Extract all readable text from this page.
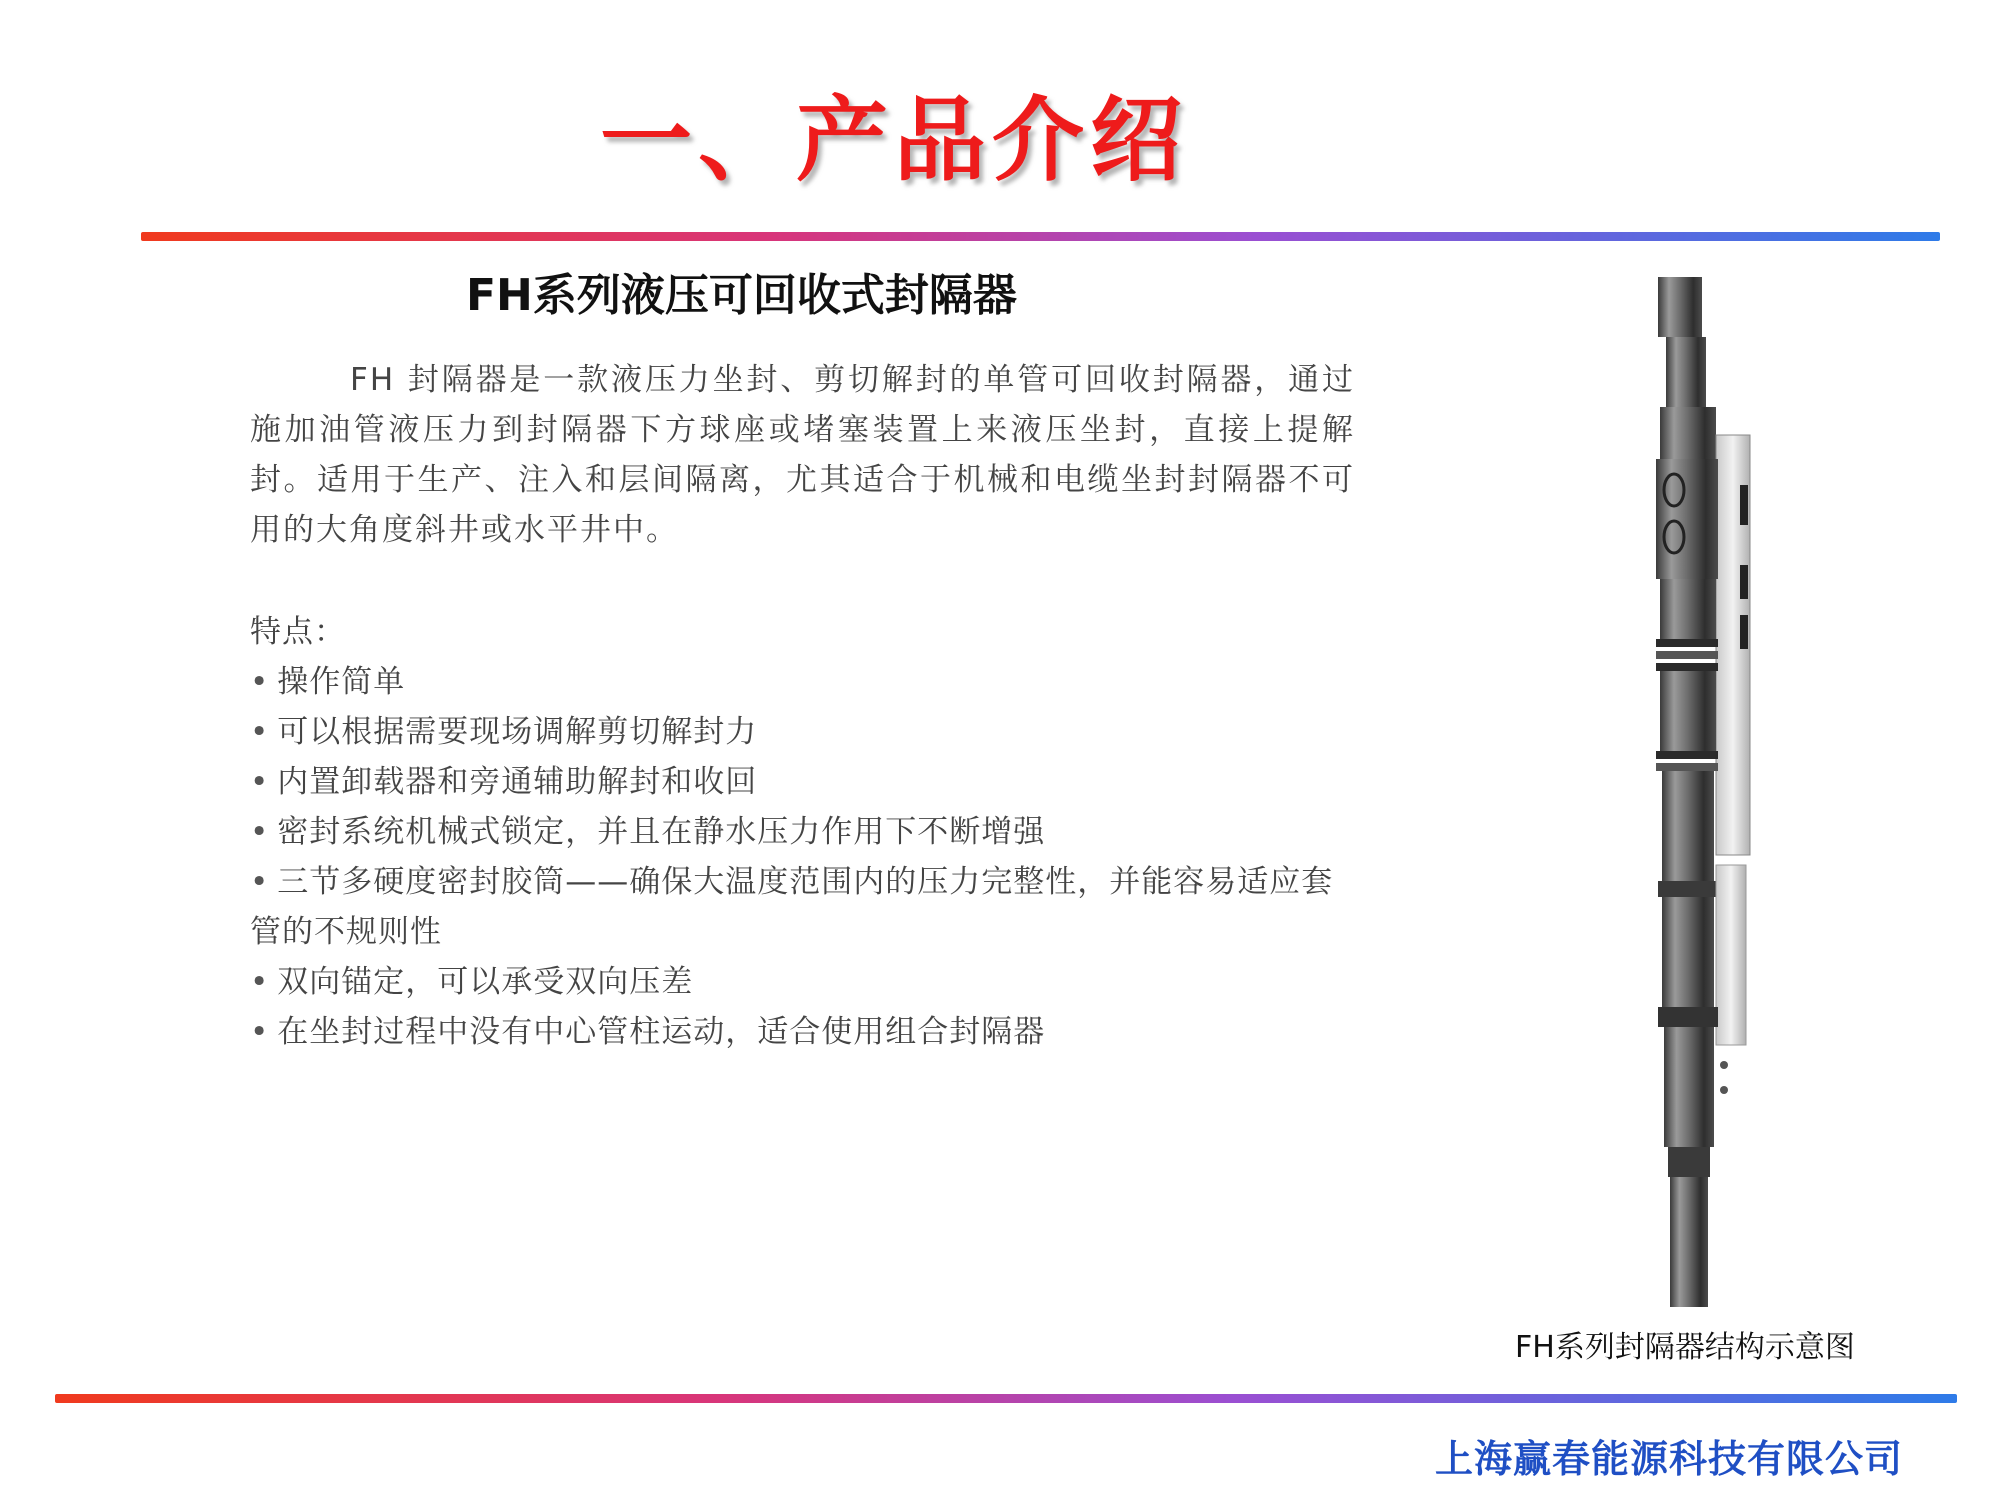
一、产品介绍
FH系列液压可回收式封隔器

FH 封隔器是一款液压力坐封、剪切解封的单管可回收封隔器，通过施加油管液压力到封隔器下方球座或堵塞装置上来液压坐封，直接上提解封。适用于生产、注入和层间隔离，尤其适合于机械和电缆坐封封隔器不可用的大角度斜井或水平井中。

特点：
• 操作简单
• 可以根据需要现场调解剪切解封力
• 内置卸载器和旁通辅助解封和收回
• 密封系统机械式锁定，并且在静水压力作用下不断增强
• 三节多硬度密封胶筒——确保大温度范围内的压力完整性，并能容易适应套管的不规则性
• 双向锚定，可以承受双向压差
• 在坐封过程中没有中心管柱运动，适合使用组合封隔器
FH系列封隔器结构示意图
上海赢春能源科技有限公司
